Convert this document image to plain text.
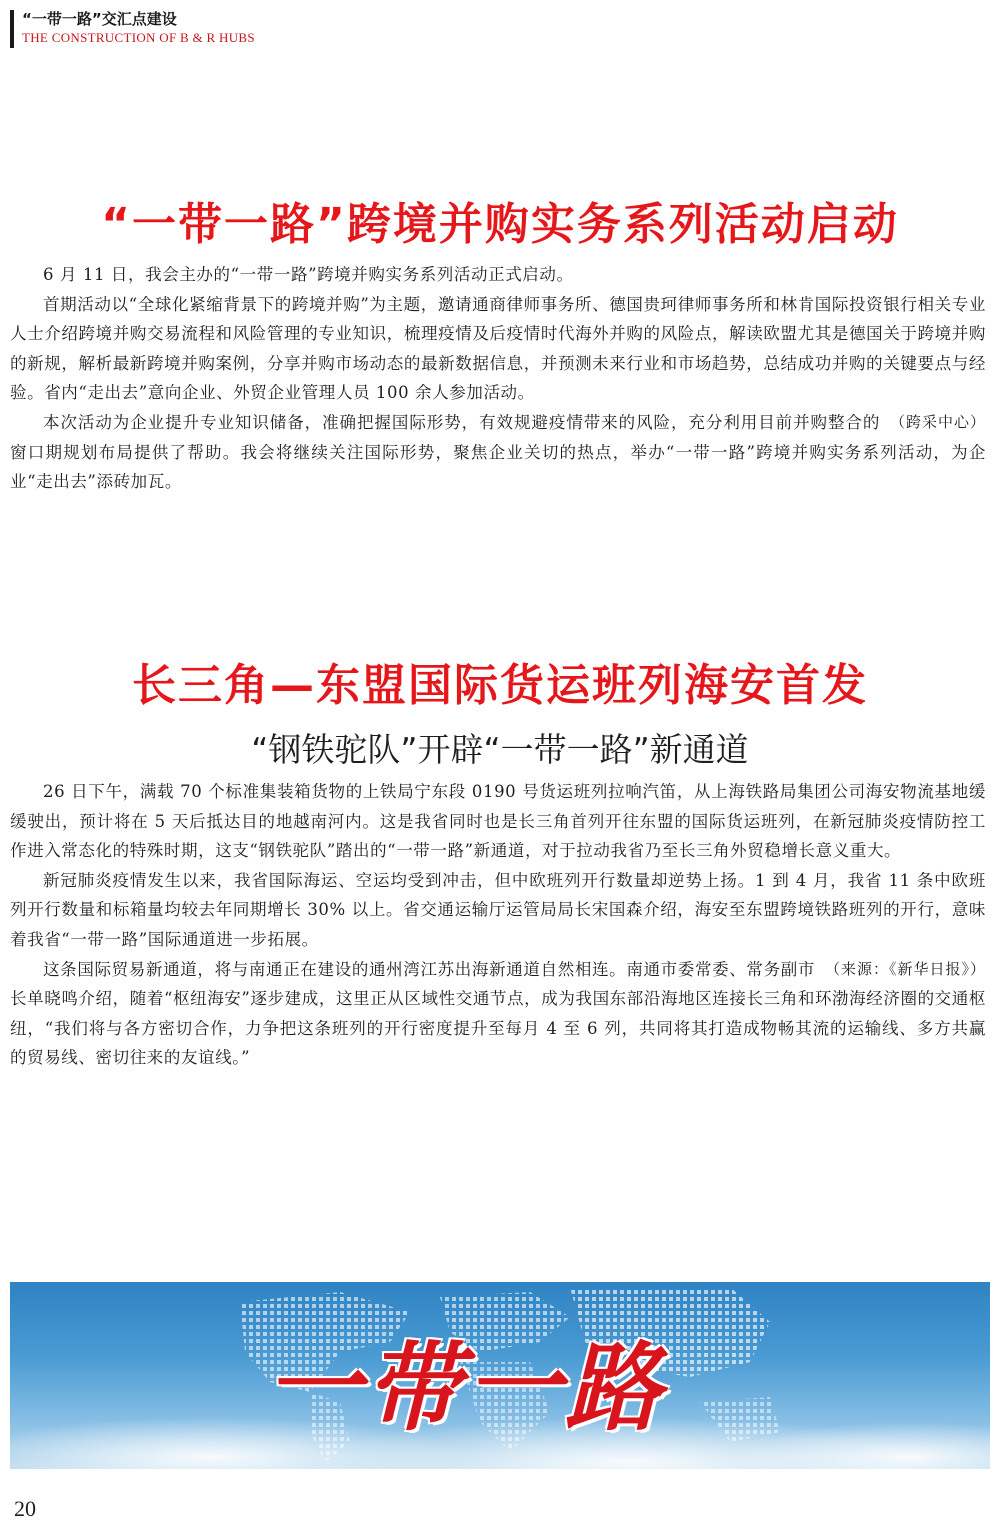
“一带一路”交汇点建设
THE CONSTRUCTION OF B & R HUBS
“一带一路”跨境并购实务系列活动启动

6 月 11 日，我会主办的“一带一路”跨境并购实务系列活动正式启动。

首期活动以“全球化紧缩背景下的跨境并购”为主题，邀请通商律师事务所、德国贵珂律师事务所和林肯国际投资银行相关专业人士介绍跨境并购交易流程和风险管理的专业知识，梳理疫情及后疫情时代海外并购的风险点，解读欧盟尤其是德国关于跨境并购的新规，解析最新跨境并购案例，分享并购市场动态的最新数据信息，并预测未来行业和市场趋势，总结成功并购的关键要点与经验。省内“走出去”意向企业、外贸企业管理人员 100 余人参加活动。

（跨采中心）
本次活动为企业提升专业知识储备，准确把握国际形势，有效规避疫情带来的风险，充分利用目前并购整合的窗口期规划布局提供了帮助。我会将继续关注国际形势，聚焦企业关切的热点，举办“一带一路”跨境并购实务系列活动，为企业“走出去”添砖加瓦。

长三角—东盟国际货运班列海安首发
“钢铁驼队”开辟“一带一路”新通道

26 日下午，满载 70 个标准集装箱货物的上铁局宁东段 0190 号货运班列拉响汽笛，从上海铁路局集团公司海安物流基地缓缓驶出，预计将在 5 天后抵达目的地越南河内。这是我省同时也是长三角首列开往东盟的国际货运班列，在新冠肺炎疫情防控工作进入常态化的特殊时期，这支“钢铁驼队”踏出的“一带一路”新通道，对于拉动我省乃至长三角外贸稳增长意义重大。

新冠肺炎疫情发生以来，我省国际海运、空运均受到冲击，但中欧班列开行数量却逆势上扬。1 到 4 月，我省 11 条中欧班列开行数量和标箱量均较去年同期增长 30% 以上。省交通运输厅运管局局长宋国森介绍，海安至东盟跨境铁路班列的开行，意味着我省“一带一路”国际通道进一步拓展。

（来源：《新华日报》）
这条国际贸易新通道，将与南通正在建设的通州湾江苏出海新通道自然相连。南通市委常委、常务副市长单晓鸣介绍，随着“枢纽海安”逐步建成，这里正从区域性交通节点，成为我国东部沿海地区连接长三角和环渤海经济圈的交通枢纽，“我们将与各方密切合作，力争把这条班列的开行密度提升至每月 4 至 6 列，共同将其打造成物畅其流的运输线、多方共赢的贸易线、密切往来的友谊线。”

一带一路
20
